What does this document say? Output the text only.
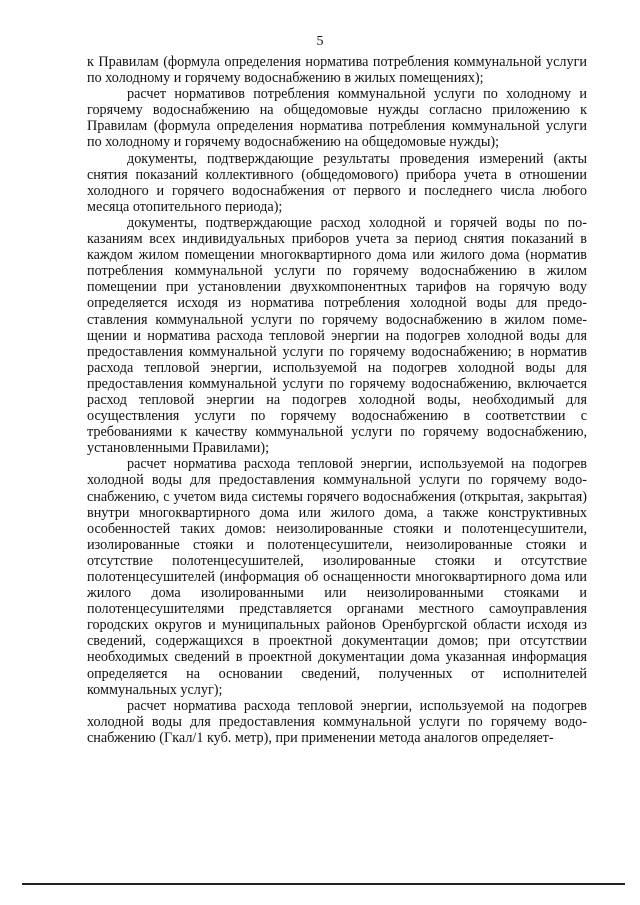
5

к Правилам (формула определения норматива потребления коммунальной услуги по холодному и горячему водоснабжению в жилых помещениях);

расчет нормативов потребления коммунальной услуги по холодному и горячему водоснабжению на общедомовые нужды согласно приложению к Правилам (формула определения норматива потребления коммунальной услуги по холодному и горячему водоснабжению на общедомовые нужды);

документы, подтверждающие результаты проведения измерений (акты снятия показаний коллективного (общедомового) прибора учета в отношении холодного и горячего водоснабжения от первого и последнего числа любого месяца отопительного периода);

документы, подтверждающие расход холодной и горячей воды по показаниям всех индивидуальных приборов учета за период снятия показаний в каждом жилом помещении многоквартирного дома или жилого дома (норматив потребления коммунальной услуги по горячему водоснабжению в жилом помещении при установлении двухкомпонентных тарифов на горячую воду определяется исходя из норматива потребления холодной воды для предоставления коммунальной услуги по горячему водоснабжению в жилом помещении и норматива расхода тепловой энергии на подогрев холодной воды для предоставления коммунальной услуги по горячему водоснабжению; в норматив расхода тепловой энергии, используемой на подогрев холодной воды для предоставления коммунальной услуги по горячему водоснабжению, включается расход тепловой энергии на подогрев холодной воды, необходимый для осуществления услуги по горячему водоснабжению в соответствии с требованиями к качеству коммунальной услуги по горячему водоснабжению, установленными Правилами);

расчет норматива расхода тепловой энергии, используемой на подогрев холодной воды для предоставления коммунальной услуги по горячему водоснабжению, с учетом вида системы горячего водоснабжения (открытая, закрытая) внутри многоквартирного дома или жилого дома, а также конструктивных особенностей таких домов: неизолированные стояки и полотенцесушители, изолированные стояки и полотенцесушители, неизолированные стояки и отсутствие полотенцесушителей, изолированные стояки и отсутствие полотенцесушителей (информация об оснащенности многоквартирного дома или жилого дома изолированными или неизолированными стояками и полотенцесушителями представляется органами местного самоуправления городских округов и муниципальных районов Оренбургской области исходя из сведений, содержащихся в проектной документации домов; при отсутствии необходимых сведений в проектной документации дома указанная информация определяется на основании сведений, полученных от исполнителей коммунальных услуг);

расчет норматива расхода тепловой энергии, используемой на подогрев холодной воды для предоставления коммунальной услуги по горячему водоснабжению (Гкал/1 куб. метр), при применении метода аналогов определяет-
